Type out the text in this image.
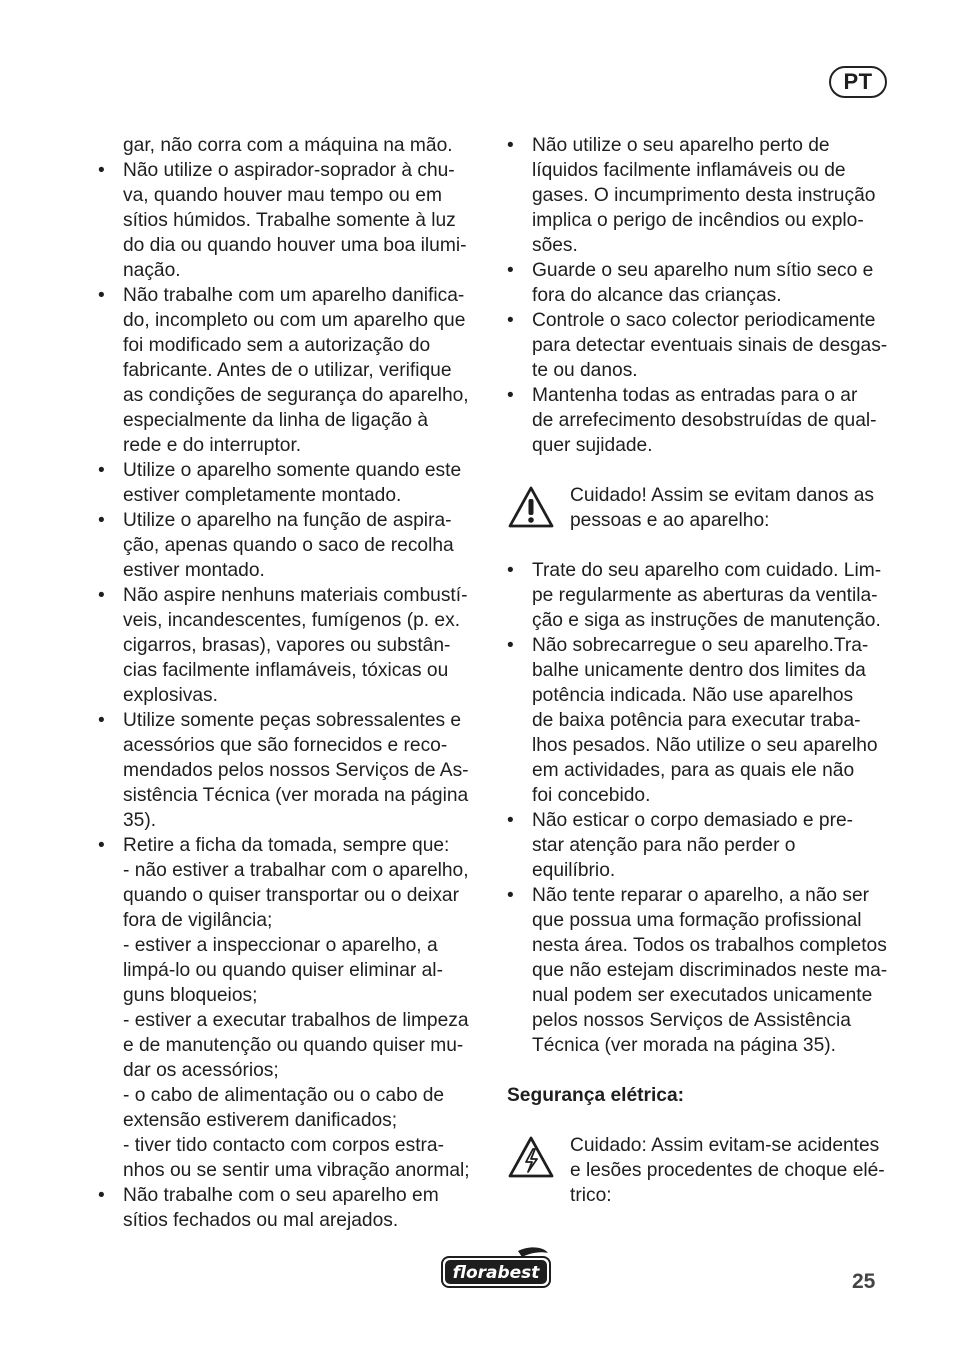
PT
gar, não corra com a máquina na mão.
• Não utilize o aspirador-soprador à chu-
va, quando houver mau tempo ou em
sítios húmidos. Trabalhe somente à luz
do dia ou quando houver uma boa ilumi-
nação.
• Não trabalhe com um aparelho danifica-
do, incompleto ou com um aparelho que
foi modificado sem a autorização do
fabricante. Antes de o utilizar, verifique
as condições de segurança do aparelho,
especialmente da linha de ligação à
rede e do interruptor.
• Utilize o aparelho somente quando este
estiver completamente montado.
• Utilize o aparelho na função de aspira-
ção, apenas quando o saco de recolha
estiver montado.
• Não aspire nenhuns materiais combustí-
veis, incandescentes, fumígenos (p. ex.
cigarros, brasas), vapores ou substân-
cias facilmente inflamáveis, tóxicas ou
explosivas.
• Utilize somente peças sobressalentes e
acessórios que são fornecidos e reco-
mendados pelos nossos Serviços de As-
sistência Técnica (ver morada na página
35).
• Retire a ficha da tomada, sempre que:
- não estiver a trabalhar com o aparelho,
quando o quiser transportar ou o deixar
fora de vigilância;
- estiver a inspeccionar o aparelho, a
limpá-lo ou quando quiser eliminar al-
guns bloqueios;
- estiver a executar trabalhos de limpeza
e de manutenção ou quando quiser mu-
dar os acessórios;
- o cabo de alimentação ou o cabo de
extensão estiverem danificados;
- tiver tido contacto com corpos estra-
nhos ou se sentir uma vibração anormal;
• Não trabalhe com o seu aparelho em
sítios fechados ou mal arejados.
• Não utilize o seu aparelho perto de
líquidos facilmente inflamáveis ou de
gases. O incumprimento desta instrução
implica o perigo de incêndios ou explo-
sões.
• Guarde o seu aparelho num sítio seco e
fora do alcance das crianças.
• Controle o saco colector periodicamente
para detectar eventuais sinais de desgas-
te ou danos.
• Mantenha todas as entradas para o ar
de arrefecimento desobstruídas de qual-
quer sujidade.
Cuidado! Assim se evitam danos as
pessoas e ao aparelho:
• Trate do seu aparelho com cuidado. Lim-
pe regularmente as aberturas da ventila-
ção e siga as instruções de manutenção.
• Não sobrecarregue o seu aparelho.Tra-
balhe unicamente dentro dos limites da
potência indicada. Não use aparelhos
de baixa potência para executar traba-
lhos pesados. Não utilize o seu aparelho
em actividades, para as quais ele não
foi concebido.
• Não esticar o corpo demasiado e pre-
star atenção para não perder o
equilíbrio.
• Não tente reparar o aparelho, a não ser
que possua uma formação profissional
nesta área. Todos os trabalhos completos
que não estejam discriminados neste ma-
nual podem ser executados unicamente
pelos nossos Serviços de Assistência
Técnica (ver morada na página 35).
Segurança elétrica:
Cuidado: Assim evitam-se acidentes
e lesões procedentes de choque elé-
trico:
florabest	25
